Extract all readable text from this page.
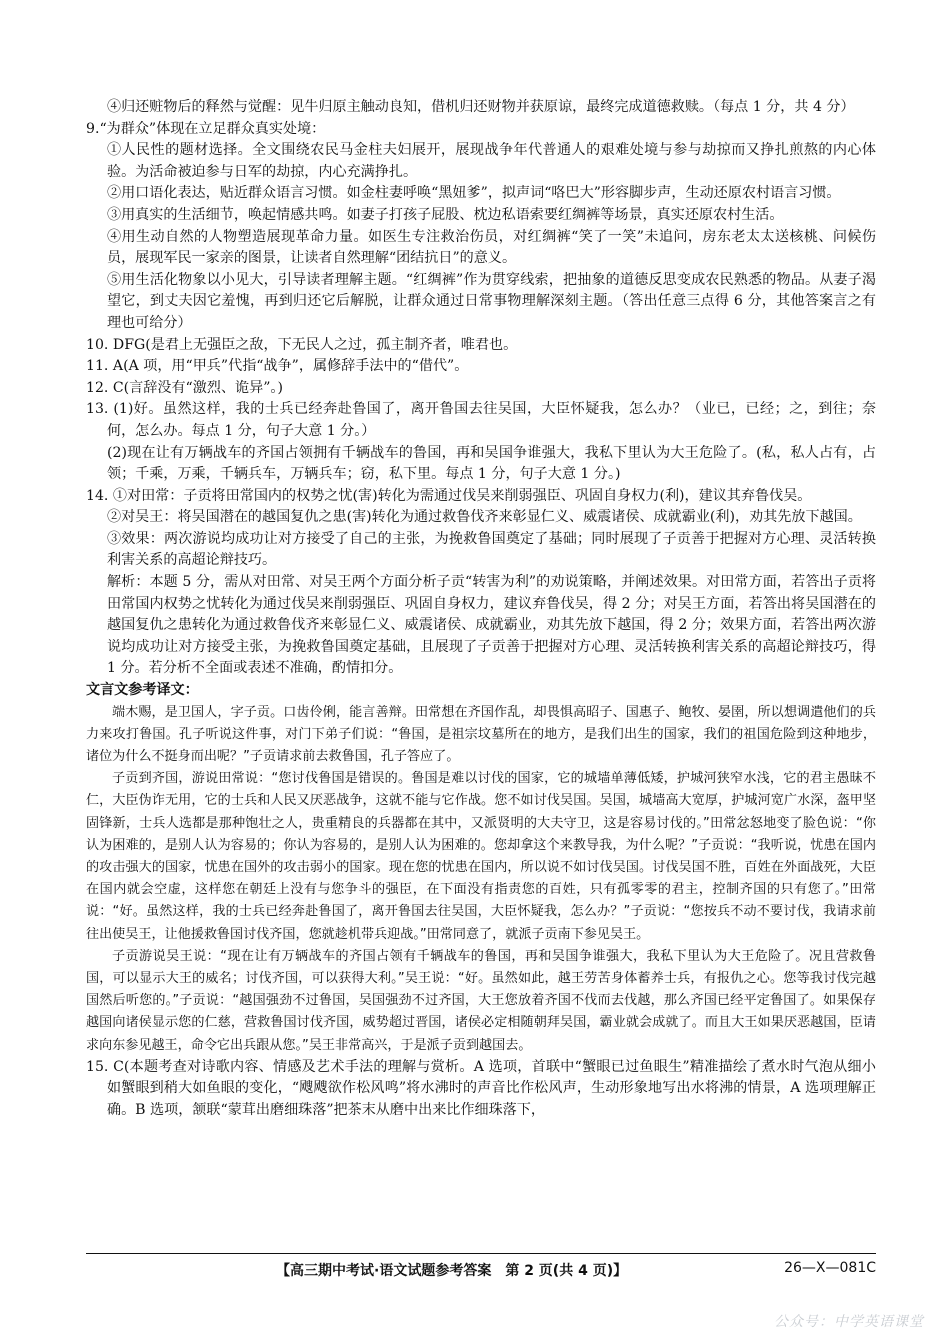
④归还赃物后的释然与觉醒：见牛归原主触动良知，借机归还财物并获原谅，最终完成道德救赎。（每点 1 分，共 4 分）

9.“为群众”体现在立足群众真实处境：

①人民性的题材选择。全文围绕农民马金柱夫妇展开，展现战争年代普通人的艰难处境与参与劫掠而又挣扎煎熬的内心体验。为活命被迫参与日军的劫掠，内心充满挣扎。

②用口语化表达，贴近群众语言习惯。如金柱妻呼唤“黑妞爹”，拟声词“咯巴大”形容脚步声，生动还原农村语言习惯。

③用真实的生活细节，唤起情感共鸣。如妻子打孩子屁股、枕边私语索要红绸裤等场景，真实还原农村生活。

④用生动自然的人物塑造展现革命力量。如医生专注救治伤员，对红绸裤“笑了一笑”未追问，房东老太太送核桃、问候伤员，展现军民一家亲的图景，让读者自然理解“团结抗日”的意义。

⑤用生活化物象以小见大，引导读者理解主题。“红绸裤”作为贯穿线索，把抽象的道德反思变成农民熟悉的物品。从妻子渴望它，到丈夫因它羞愧，再到归还它后解脱，让群众通过日常事物理解深刻主题。（答出任意三点得 6 分，其他答案言之有理也可给分）

10. DFG(是君上无强臣之敌，下无民人之过，孤主制齐者，唯君也。

11. A(A 项，用“甲兵”代指“战争”，属修辞手法中的“借代”。

12. C(言辞没有“激烈、诡异”。)

13. (1)好。虽然这样，我的士兵已经奔赴鲁国了，离开鲁国去往吴国，大臣怀疑我，怎么办？（业已，已经；之，到往；奈何，怎么办。每点 1 分，句子大意 1 分。）

(2)现在让有万辆战车的齐国占领拥有千辆战车的鲁国，再和吴国争谁强大，我私下里认为大王危险了。(私，私人占有，占领；千乘，万乘，千辆兵车，万辆兵车；窃，私下里。每点 1 分，句子大意 1 分。)

14. ①对田常：子贡将田常国内的权势之忧(害)转化为需通过伐吴来削弱强臣、巩固自身权力(利)，建议其弃鲁伐吴。

②对吴王：将吴国潜在的越国复仇之患(害)转化为通过救鲁伐齐来彰显仁义、威震诸侯、成就霸业(利)，劝其先放下越国。

③效果：两次游说均成功让对方接受了自己的主张，为挽救鲁国奠定了基础；同时展现了子贡善于把握对方心理、灵活转换利害关系的高超论辩技巧。

解析：本题 5 分，需从对田常、对吴王两个方面分析子贡“转害为利”的劝说策略，并阐述效果。对田常方面，若答出子贡将田常国内权势之忧转化为通过伐吴来削弱强臣、巩固自身权力，建议弃鲁伐吴，得 2 分；对吴王方面，若答出将吴国潜在的越国复仇之患转化为通过救鲁伐齐来彰显仁义、威震诸侯、成就霸业，劝其先放下越国，得 2 分；效果方面，若答出两次游说均成功让对方接受主张，为挽救鲁国奠定基础，且展现了子贡善于把握对方心理、灵活转换利害关系的高超论辩技巧，得 1 分。若分析不全面或表述不准确，酌情扣分。

文言文参考译文：

端木赐，是卫国人，字子贡。口齿伶俐，能言善辩。田常想在齐国作乱，却畏惧高昭子、国惠子、鲍牧、晏圉，所以想调遣他们的兵力来攻打鲁国。孔子听说这件事，对门下弟子们说：“鲁国，是祖宗坟墓所在的地方，是我们出生的国家，我们的祖国危险到这种地步，诸位为什么不挺身而出呢？”子贡请求前去救鲁国，孔子答应了。

子贡到齐国，游说田常说：“您讨伐鲁国是错误的。鲁国是难以讨伐的国家，它的城墙单薄低矮，护城河狭窄水浅，它的君主愚昧不仁，大臣伪诈无用，它的士兵和人民又厌恶战争，这就不能与它作战。您不如讨伐吴国。吴国，城墙高大宽厚，护城河宽广水深，盔甲坚固锋新，士兵人选都是那种饱壮之人，贵重精良的兵器都在其中，又派贤明的大夫守卫，这是容易讨伐的。”田常忿怒地变了脸色说：“你认为困难的，是别人认为容易的；你认为容易的，是别人认为困难的。您却拿这个来教导我，为什么呢？”子贡说：“我听说，忧患在国内的攻击强大的国家，忧患在国外的攻击弱小的国家。现在您的忧患在国内，所以说不如讨伐吴国。讨伐吴国不胜，百姓在外面战死，大臣在国内就会空虚，这样您在朝廷上没有与您争斗的强臣，在下面没有指责您的百姓，只有孤零零的君主，控制齐国的只有您了。”田常说：“好。虽然这样，我的士兵已经奔赴鲁国了，离开鲁国去往吴国，大臣怀疑我，怎么办？”子贡说：“您按兵不动不要讨伐，我请求前往出使吴王，让他援救鲁国讨伐齐国，您就趁机带兵迎战。”田常同意了，就派子贡南下参见吴王。

子贡游说吴王说：“现在让有万辆战车的齐国占领有千辆战车的鲁国，再和吴国争谁强大，我私下里认为大王危险了。况且营救鲁国，可以显示大王的威名；讨伐齐国，可以获得大利。”吴王说：“好。虽然如此，越王劳苦身体蓄养士兵，有报仇之心。您等我讨伐完越国然后听您的。”子贡说：“越国强劲不过鲁国，吴国强劲不过齐国，大王您放着齐国不伐而去伐越，那么齐国已经平定鲁国了。如果保存越国向诸侯显示您的仁慈，营救鲁国讨伐齐国，威势超过晋国，诸侯必定相随朝拜吴国，霸业就会成就了。而且大王如果厌恶越国，臣请求向东参见越王，命令它出兵跟从您。”吴王非常高兴，于是派子贡到越国去。

15. C(本题考查对诗歌内容、情感及艺术手法的理解与赏析。A 选项，首联中“蟹眼已过鱼眼生”精准描绘了煮水时气泡从细小如蟹眼到稍大如鱼眼的变化，“飕飕欲作松风鸣”将水沸时的声音比作松风声，生动形象地写出水将沸的情景，A 选项理解正确。B 选项，颔联“蒙茸出磨细珠落”把茶末从磨中出来比作细珠落下，

【高三期中考试·语文试题参考答案　第 2 页(共 4 页)】	26—X—081C
公众号：中学英语课堂
